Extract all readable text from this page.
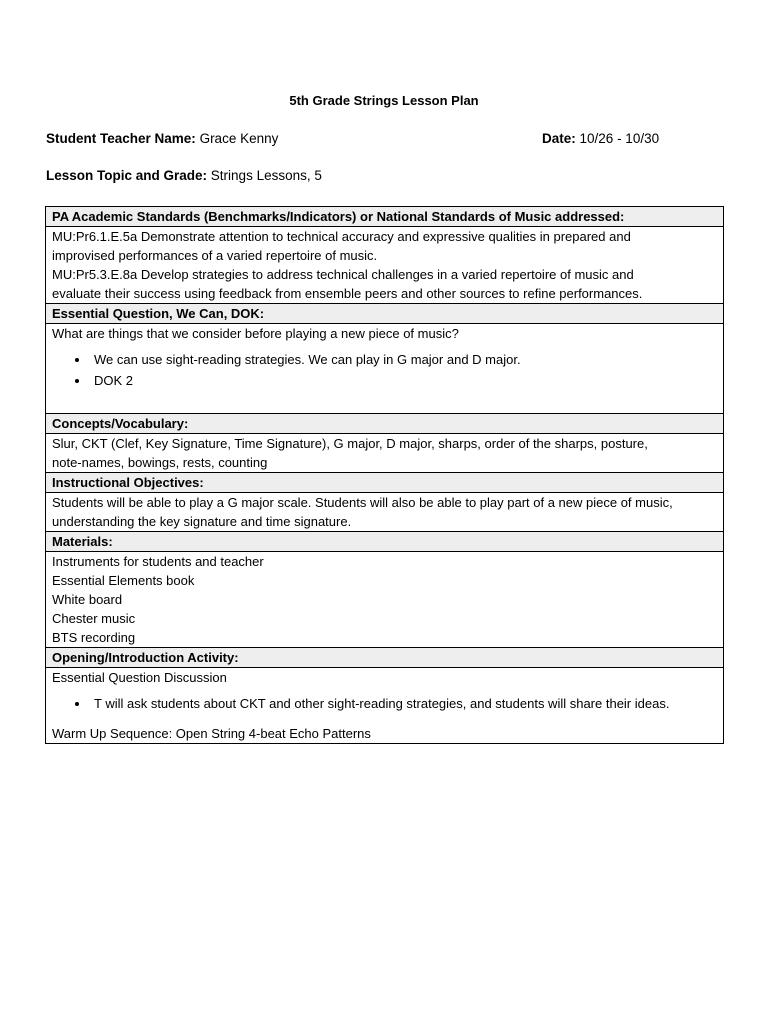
5th Grade Strings Lesson Plan
Student Teacher Name: Grace Kenny	Date: 10/26 - 10/30
Lesson Topic and Grade: Strings Lessons, 5
PA Academic Standards (Benchmarks/Indicators) or National Standards of Music addressed:

MU:Pr6.1.E.5a Demonstrate attention to technical accuracy and expressive qualities in prepared and
improvised performances of a varied repertoire of music.
MU:Pr5.3.E.8a Develop strategies to address technical challenges in a varied repertoire of music and
evaluate their success using feedback from ensemble peers and other sources to refine performances.

Essential Question, We Can, DOK:

What are things that we consider before playing a new piece of music?

• We can use sight-reading strategies. We can play in G major and D major.
• DOK 2

Concepts/Vocabulary:

Slur, CKT (Clef, Key Signature, Time Signature), G major, D major, sharps, order of the sharps, posture,
note-names, bowings, rests, counting

Instructional Objectives:

Students will be able to play a G major scale. Students will also be able to play part of a new piece of music,
understanding the key signature and time signature.

Materials:

Instruments for students and teacher
Essential Elements book
White board
Chester music
BTS recording

Opening/Introduction Activity:

Essential Question Discussion

• T will ask students about CKT and other sight-reading strategies, and students will share their ideas.

Warm Up Sequence: Open String 4-beat Echo Patterns
